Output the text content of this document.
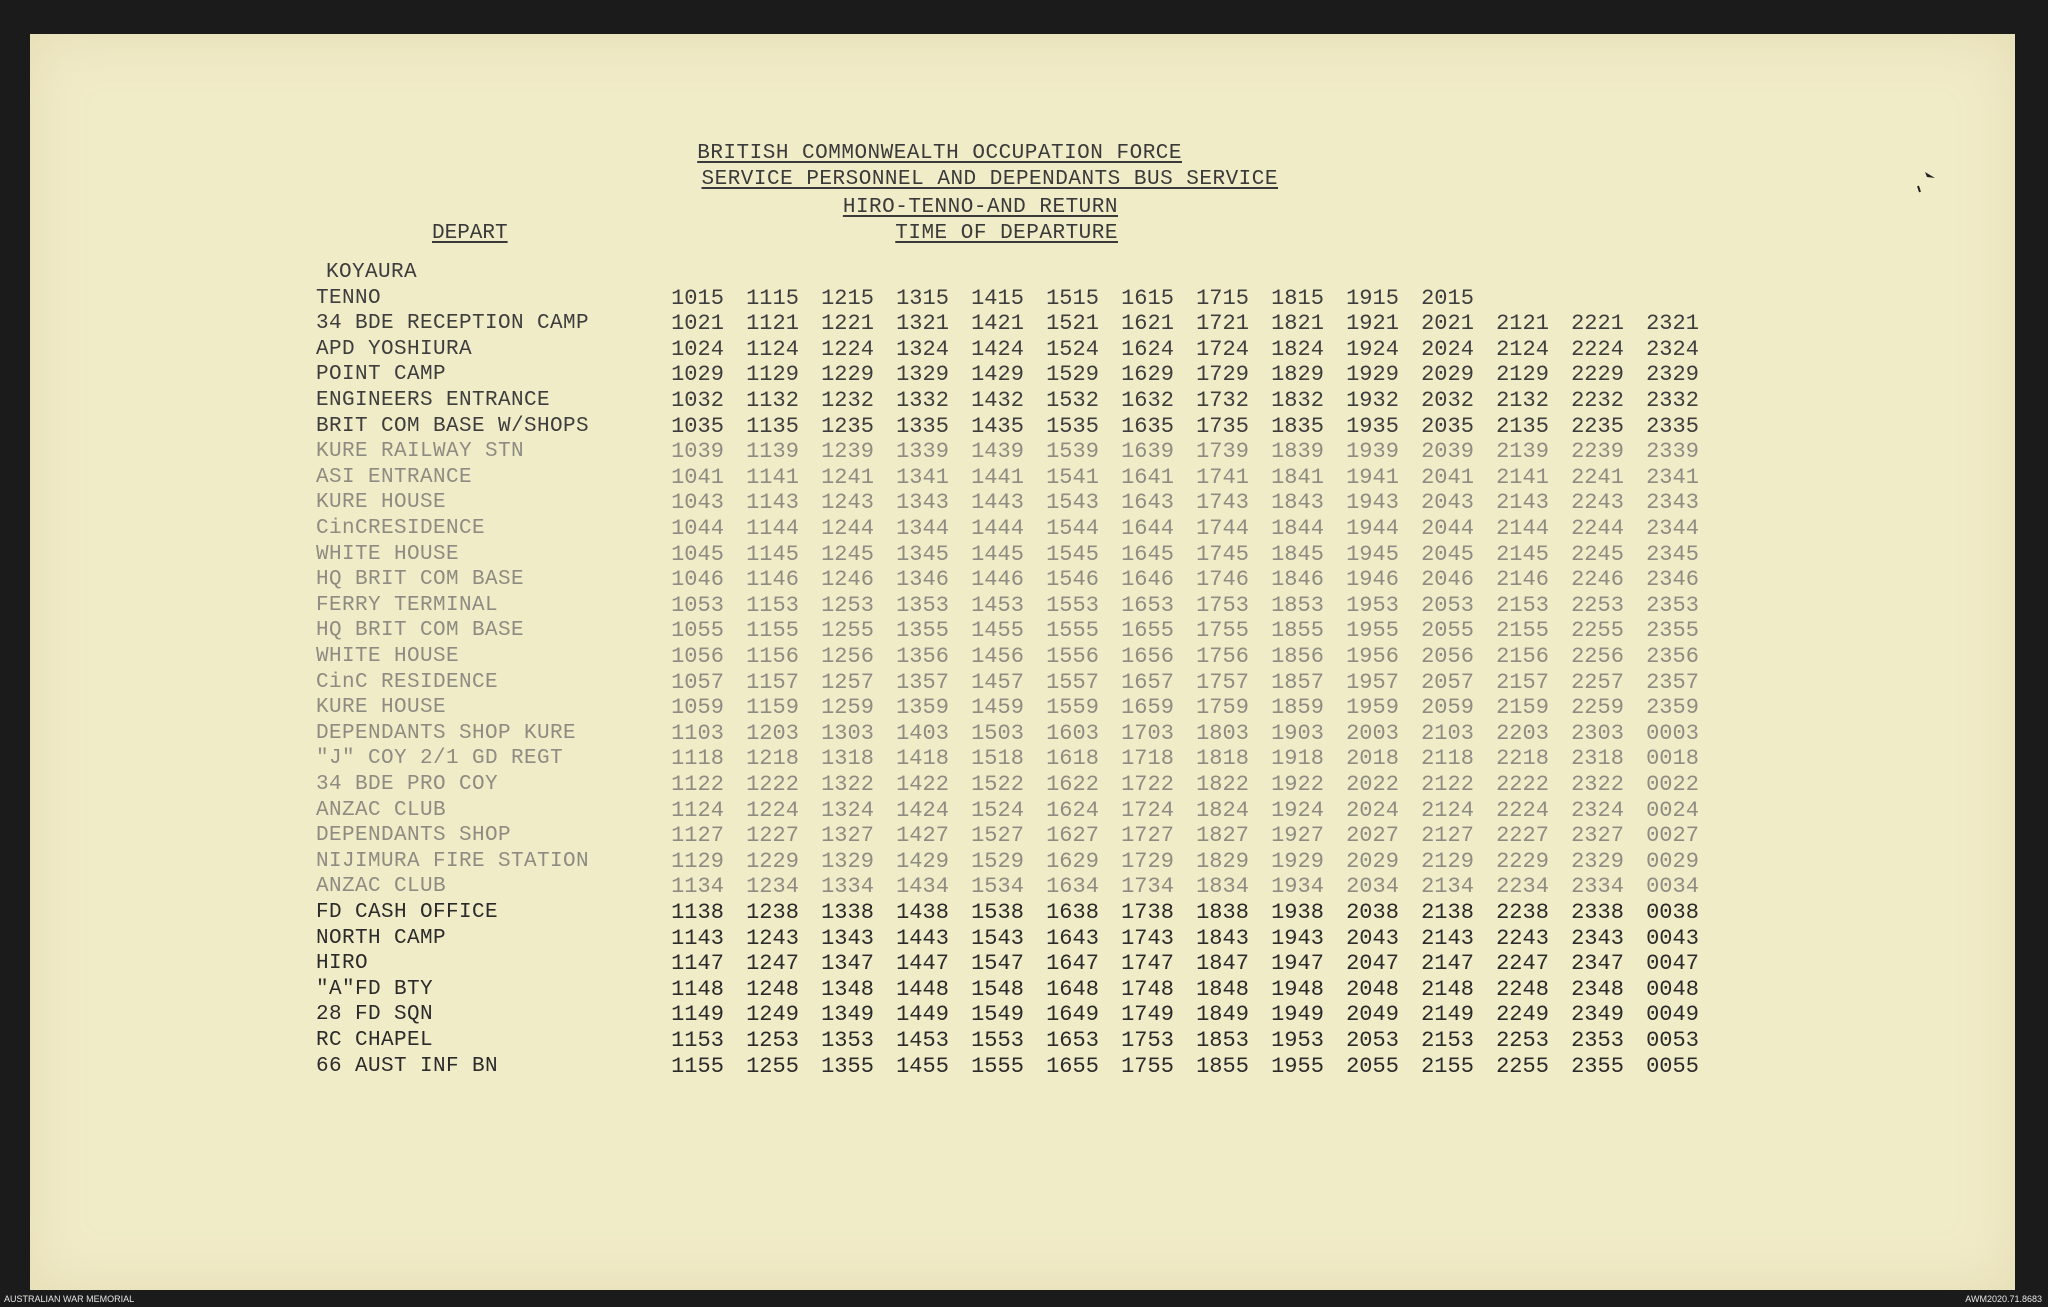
BRITISH COMMONWEALTH OCCUPATION FORCE
SERVICE PERSONNEL AND DEPENDANTS BUS SERVICE
HIRO-TENNO-AND RETURN
TIME OF DEPARTURE
DEPART
KOYAURA
TENNO	1015	1115	1215	1315	1415	1515	1615	1715	1815	1915	2015
34 BDE RECEPTION CAMP	1021	1121	1221	1321	1421	1521	1621	1721	1821	1921	2021	2121	2221	2321
APD YOSHIURA	1024	1124	1224	1324	1424	1524	1624	1724	1824	1924	2024	2124	2224	2324
POINT CAMP	1029	1129	1229	1329	1429	1529	1629	1729	1829	1929	2029	2129	2229	2329
ENGINEERS ENTRANCE	1032	1132	1232	1332	1432	1532	1632	1732	1832	1932	2032	2132	2232	2332
BRIT COM BASE W/SHOPS	1035	1135	1235	1335	1435	1535	1635	1735	1835	1935	2035	2135	2235	2335
KURE RAILWAY STN	1039	1139	1239	1339	1439	1539	1639	1739	1839	1939	2039	2139	2239	2339
ASI ENTRANCE	1041	1141	1241	1341	1441	1541	1641	1741	1841	1941	2041	2141	2241	2341
KURE HOUSE	1043	1143	1243	1343	1443	1543	1643	1743	1843	1943	2043	2143	2243	2343
CinCRESIDENCE	1044	1144	1244	1344	1444	1544	1644	1744	1844	1944	2044	2144	2244	2344
WHITE HOUSE	1045	1145	1245	1345	1445	1545	1645	1745	1845	1945	2045	2145	2245	2345
HQ BRIT COM BASE	1046	1146	1246	1346	1446	1546	1646	1746	1846	1946	2046	2146	2246	2346
FERRY TERMINAL	1053	1153	1253	1353	1453	1553	1653	1753	1853	1953	2053	2153	2253	2353
HQ BRIT COM BASE	1055	1155	1255	1355	1455	1555	1655	1755	1855	1955	2055	2155	2255	2355
WHITE HOUSE	1056	1156	1256	1356	1456	1556	1656	1756	1856	1956	2056	2156	2256	2356
CinC RESIDENCE	1057	1157	1257	1357	1457	1557	1657	1757	1857	1957	2057	2157	2257	2357
KURE HOUSE	1059	1159	1259	1359	1459	1559	1659	1759	1859	1959	2059	2159	2259	2359
DEPENDANTS SHOP KURE	1103	1203	1303	1403	1503	1603	1703	1803	1903	2003	2103	2203	2303	0003
"J" COY 2/1 GD REGT	1118	1218	1318	1418	1518	1618	1718	1818	1918	2018	2118	2218	2318	0018
34 BDE PRO COY	1122	1222	1322	1422	1522	1622	1722	1822	1922	2022	2122	2222	2322	0022
ANZAC CLUB	1124	1224	1324	1424	1524	1624	1724	1824	1924	2024	2124	2224	2324	0024
DEPENDANTS SHOP	1127	1227	1327	1427	1527	1627	1727	1827	1927	2027	2127	2227	2327	0027
NIJIMURA FIRE STATION	1129	1229	1329	1429	1529	1629	1729	1829	1929	2029	2129	2229	2329	0029
ANZAC CLUB	1134	1234	1334	1434	1534	1634	1734	1834	1934	2034	2134	2234	2334	0034
FD CASH OFFICE	1138	1238	1338	1438	1538	1638	1738	1838	1938	2038	2138	2238	2338	0038
NORTH CAMP	1143	1243	1343	1443	1543	1643	1743	1843	1943	2043	2143	2243	2343	0043
HIRO	1147	1247	1347	1447	1547	1647	1747	1847	1947	2047	2147	2247	2347	0047
"A"FD BTY	1148	1248	1348	1448	1548	1648	1748	1848	1948	2048	2148	2248	2348	0048
28 FD SQN	1149	1249	1349	1449	1549	1649	1749	1849	1949	2049	2149	2249	2349	0049
RC CHAPEL	1153	1253	1353	1453	1553	1653	1753	1853	1953	2053	2153	2253	2353	0053
66 AUST INF BN	1155	1255	1355	1455	1555	1655	1755	1855	1955	2055	2155	2255	2355	0055
AUSTRALIAN WAR MEMORIAL	AWM2020.71.8683
